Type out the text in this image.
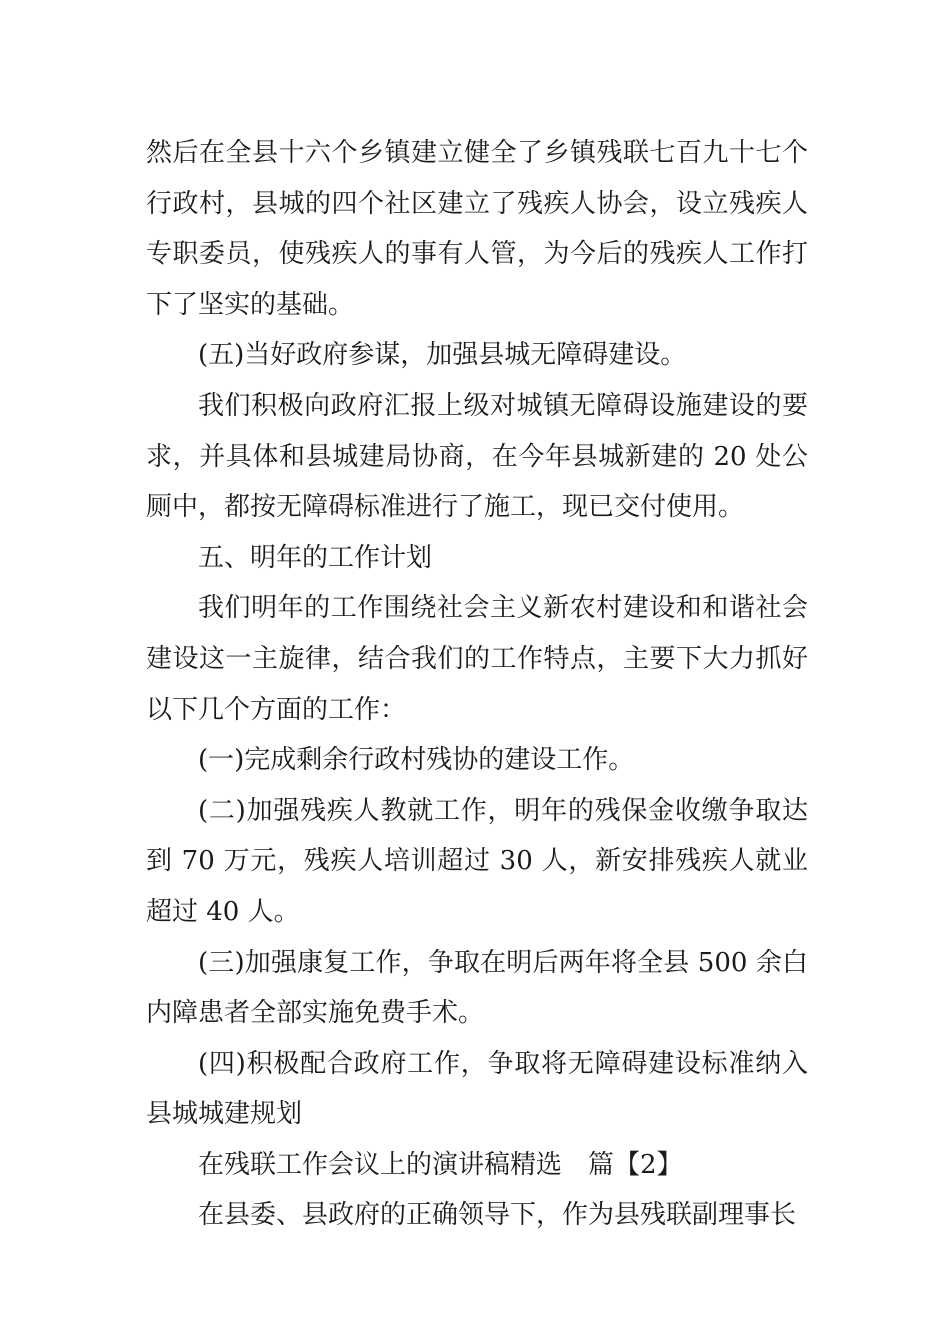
然后在全县十六个乡镇建立健全了乡镇残联七百九十七个行政村，县城的四个社区建立了残疾人协会，设立残疾人专职委员，使残疾人的事有人管，为今后的残疾人工作打下了坚实的基础。

(五)当好政府参谋，加强县城无障碍建设。

我们积极向政府汇报上级对城镇无障碍设施建设的要求，并具体和县城建局协商，在今年县城新建的 20 处公厕中，都按无障碍标准进行了施工，现已交付使用。

五、明年的工作计划

我们明年的工作围绕社会主义新农村建设和和谐社会建设这一主旋律，结合我们的工作特点，主要下大力抓好以下几个方面的工作：

(一)完成剩余行政村残协的建设工作。

(二)加强残疾人教就工作，明年的残保金收缴争取达到 70 万元，残疾人培训超过 30 人，新安排残疾人就业超过 40 人。

(三)加强康复工作，争取在明后两年将全县 500 余白内障患者全部实施免费手术。

(四)积极配合政府工作，争取将无障碍建设标准纳入县城城建规划

在残联工作会议上的演讲稿精选　篇【2】

在县委、县政府的正确领导下，作为县残联副理事长
